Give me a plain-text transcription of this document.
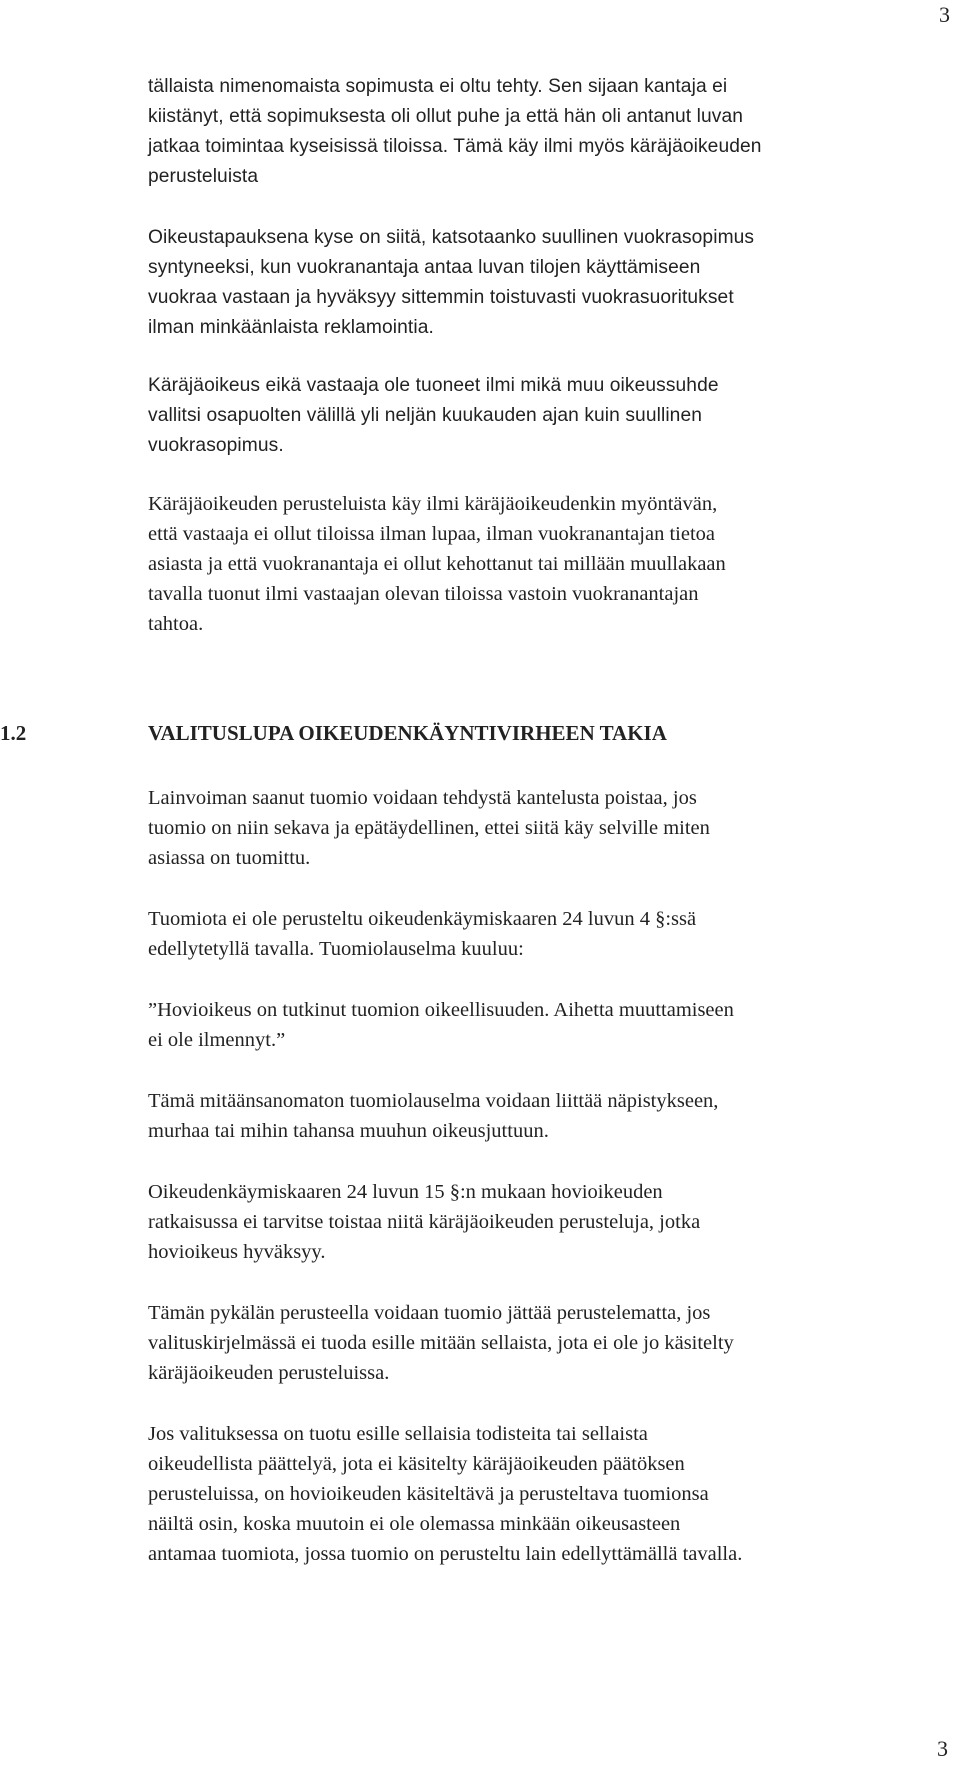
3

tällaista nimenomaista sopimusta ei oltu tehty. Sen sijaan kantaja ei
kiistänyt, että sopimuksesta oli ollut puhe ja että hän oli antanut luvan
jatkaa toimintaa kyseisissä tiloissa. Tämä käy ilmi myös käräjäoikeuden
perusteluista

Oikeustapauksena kyse on siitä, katsotaanko suullinen vuokrasopimus
syntyneeksi, kun vuokranantaja antaa luvan tilojen käyttämiseen
vuokraa vastaan ja hyväksyy sittemmin toistuvasti vuokrasuoritukset
ilman minkäänlaista reklamointia.

Käräjäoikeus eikä vastaaja ole tuoneet ilmi mikä muu oikeussuhde
vallitsi osapuolten välillä yli neljän kuukauden ajan kuin suullinen
vuokrasopimus.

Käräjäoikeuden perusteluista käy ilmi käräjäoikeudenkin myöntävän,
että vastaaja ei ollut tiloissa ilman lupaa, ilman vuokranantajan tietoa
asiasta ja että vuokranantaja ei ollut kehottanut tai millään muullakaan
tavalla tuonut ilmi vastaajan olevan tiloissa vastoin vuokranantajan
tahtoa.

1.2	VALITUSLUPA OIKEUDENKÄYNTIVIRHEEN TAKIA

Lainvoiman saanut tuomio voidaan tehdystä kantelusta poistaa, jos
tuomio on niin sekava ja epätäydellinen, ettei siitä käy selville miten
asiassa on tuomittu.

Tuomiota ei ole perusteltu oikeudenkäymiskaaren 24 luvun 4 §:ssä
edellytetyllä tavalla. Tuomiolauselma kuuluu:

”Hovioikeus on tutkinut tuomion oikeellisuuden. Aihetta muuttamiseen
ei ole ilmennyt.”

Tämä mitäänsanomaton tuomiolauselma voidaan liittää näpistykseen,
murhaa tai mihin tahansa muuhun oikeusjuttuun.

Oikeudenkäymiskaaren 24 luvun 15 §:n mukaan hovioikeuden
ratkaisussa ei tarvitse toistaa niitä käräjäoikeuden perusteluja, jotka
hovioikeus hyväksyy.

Tämän pykälän perusteella voidaan tuomio jättää perustelematta, jos
valituskirjelmässä ei tuoda esille mitään sellaista, jota ei ole jo käsitelty
käräjäoikeuden perusteluissa.

Jos valituksessa on tuotu esille sellaisia todisteita tai sellaista
oikeudellista päättelyä, jota ei käsitelty käräjäoikeuden päätöksen
perusteluissa, on hovioikeuden käsiteltävä ja perusteltava tuomionsa
näiltä osin, koska muutoin ei ole olemassa minkään oikeusasteen
antamaa tuomiota, jossa tuomio on perusteltu lain edellyttämällä tavalla.

3
